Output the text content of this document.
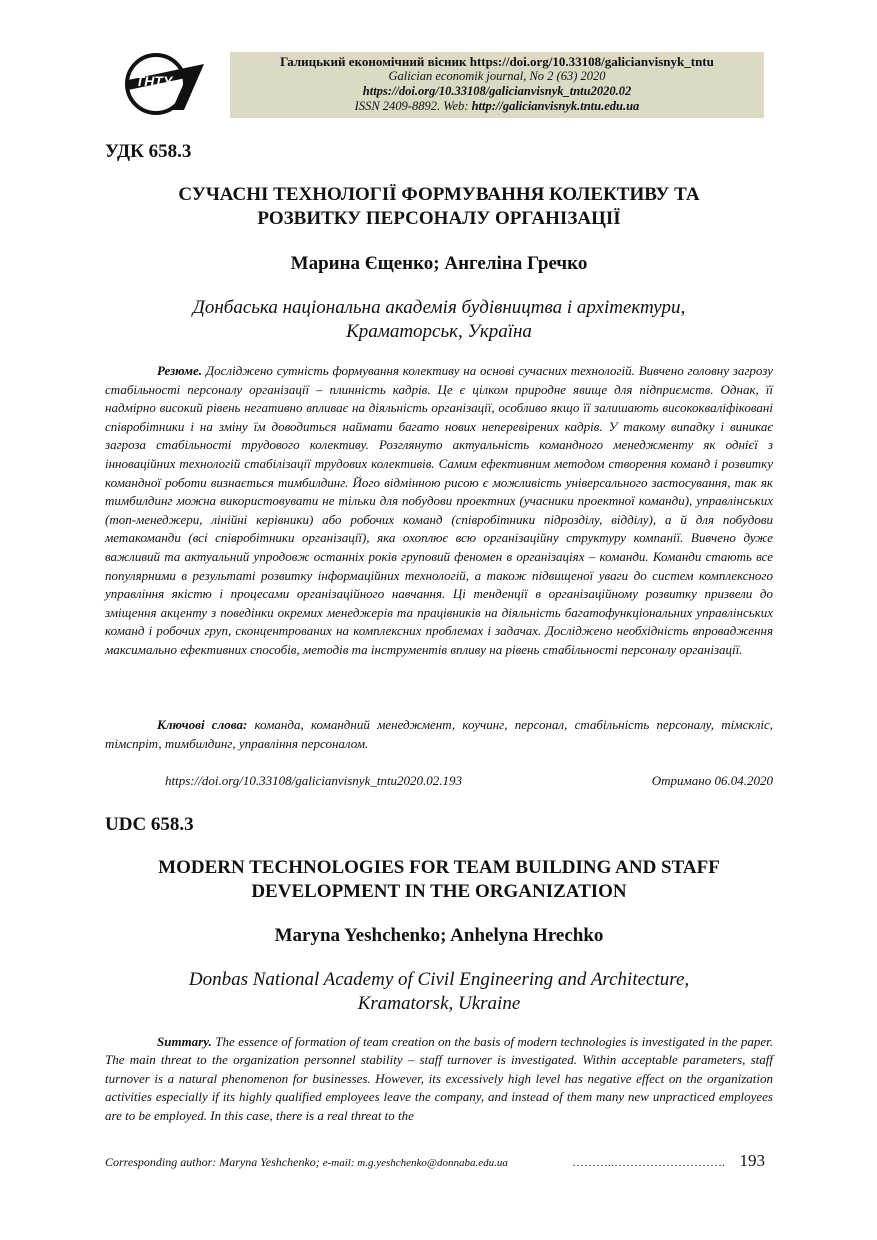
ТНТУ
Галицький економічний вісник https://doi.org/10.33108/galicianvisnyk_tntu
Galician economik journal, No 2 (63) 2020
https://doi.org/10.33108/galicianvisnyk_tntu2020.02
ISSN 2409-8892. Web: http://galicianvisnyk.tntu.edu.ua
УДК 658.3
СУЧАСНІ ТЕХНОЛОГІЇ ФОРМУВАННЯ КОЛЕКТИВУ ТА
РОЗВИТКУ ПЕРСОНАЛУ ОРГАНІЗАЦІЇ
Марина Єщенко; Ангеліна Гречко
Донбаська національна академія будівництва і архітектури,
Краматорськ, Україна

Резюме. Досліджено сутність формування колективу на основі сучасних технологій. Вивчено головну загрозу стабільності персоналу організації – плинність кадрів. Це є цілком природне явище для підприємств. Однак, її надмірно високий рівень негативно впливає на діяльність організації, особливо якщо її залишають висококваліфіковані співробітники і на зміну їм доводиться наймати багато нових неперевірених кадрів. У такому випадку і виникає загроза стабільності трудового колективу. Розглянуто актуальність командного менеджменту як однієї з інноваційних технологій стабілізації трудових колективів. Самим ефективним методом створення команд і розвитку командної роботи визнається тимбилдинг. Його відмінною рисою є можливість універсального застосування, так як тимбилдинг можна використовувати не тільки для побудови проектних (учасники проектної команди), управлінських (топ-менеджери, лінійні керівники) або робочих команд (співробітники підрозділу, відділу), а й для побудови метакоманди (всі співробітники організації), яка охоплює всю організаційну структуру компанії. Вивчено дуже важливий та актуальний упродовж останніх років груповий феномен в організаціях – команди. Команди стають все популярними в результаті розвитку інформаційних технологій, а також підвищеної уваги до систем комплексного управління якістю і процесами організаційного навчання. Ці тенденції в організаційному розвитку призвели до зміщення акценту з поведінки окремих менеджерів та працівників на діяльність багатофункціональних управлінських команд і робочих груп, сконцентрованих на комплексних проблемах і задачах. Досліджено необхідність впровадження максимально ефективних способів, методів та інструментів впливу на рівень стабільності персоналу організації.

Ключові слова: команда, командний менеджмент, коучинг, персонал, стабільність персоналу, тімскліс, тімспріт, тимбилдинг, управління персоналом.

https://doi.org/10.33108/galicianvisnyk_tntu2020.02.193	Отримано 06.04.2020
UDC 658.3
MODERN TECHNOLOGIES FOR TEAM BUILDING AND STAFF
DEVELOPMENT IN THE ORGANIZATION
Maryna Yeshchenko; Anhelyna Hrechko
Donbas National Academy of Civil Engineering and Architecture,
Kramatorsk, Ukraine

Summary. The essence of formation of team creation on the basis of modern technologies is investigated in the paper. The main threat to the organization personnel stability – staff turnover is investigated. Within acceptable parameters, staff turnover is a natural phenomenon for businesses. However, its excessively high level has negative effect on the organization activities especially if its highly qualified employees leave the company, and instead of them many new unpracticed employees are to be employed. In this case, there is a real threat to the

Corresponding author: Maryna Yeshchenko; e-mail: m.g.yeshchenko@donnaba.edu.ua	………..………………………. 193
